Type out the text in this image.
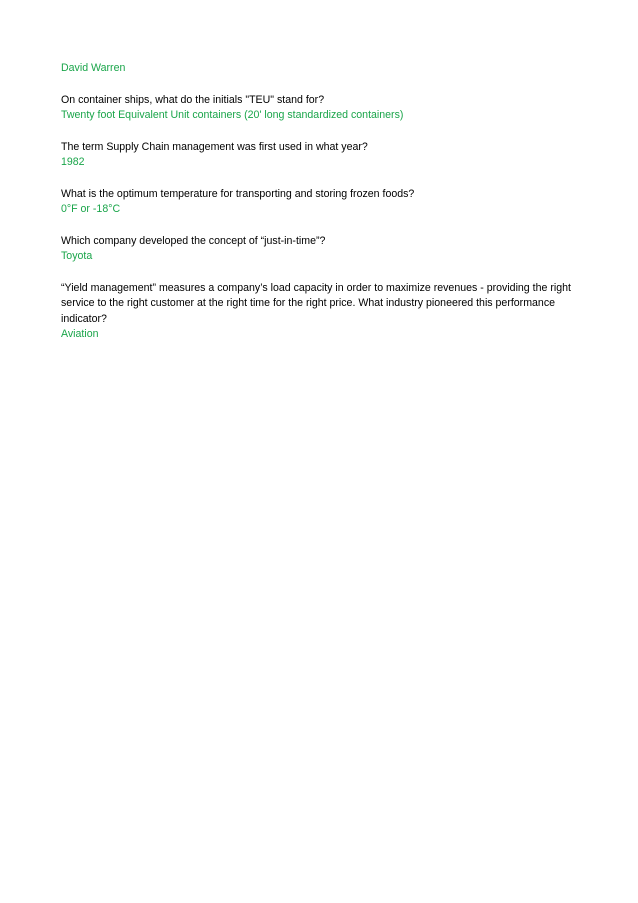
David Warren

On container ships, what do the initials "TEU" stand for?

Twenty foot Equivalent Unit containers (20' long standardized containers)

The term Supply Chain management was first used in what year?

1982

What is the optimum temperature for transporting and storing frozen foods?

0°F or -18°C

Which company developed the concept of “just-in-time”?

Toyota

“Yield management” measures a company’s load capacity in order to maximize revenues - providing the right service to the right customer at the right time for the right price. What industry pioneered this performance indicator?

Aviation
